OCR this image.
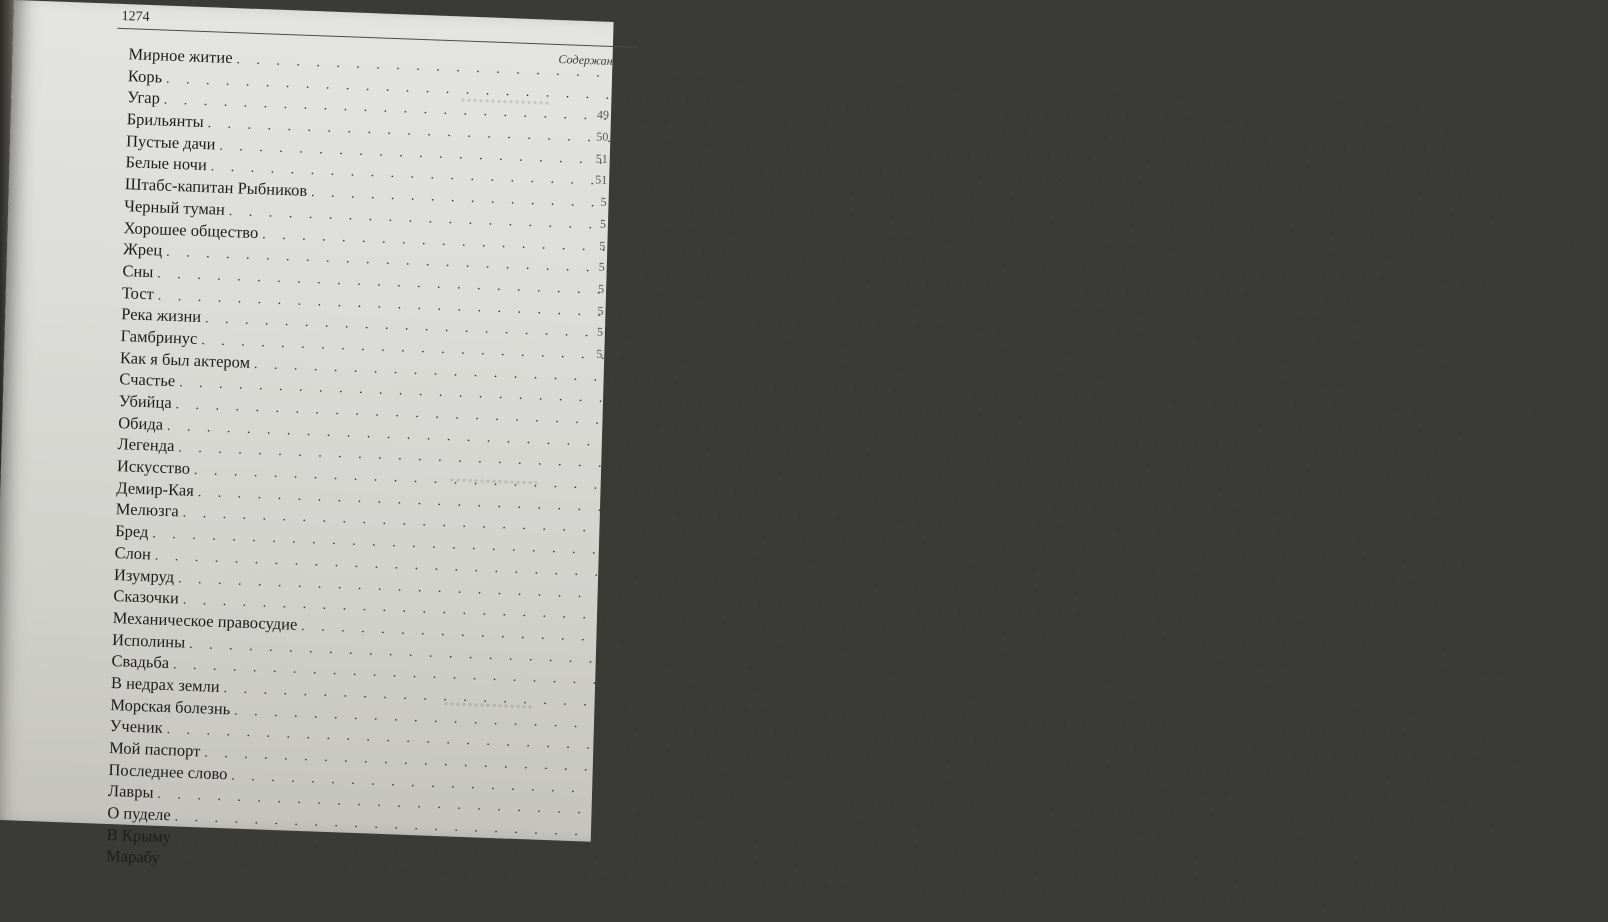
1274
Содержание
Мирное житие
. . .
Корь
. . .
Угар
. . .
49
Брильянты
. . .
50
Пустые дачи
. . .
51
Белые ночи
. . .
51
Штабс-капитан Рыбников
. . .
5
Черный туман
. . .
5
Хорошее общество
. . .
5
Жрец
. . .
5
Сны
. . .
5
Тост
. . .
5
Река жизни
. . .
5
Гамбринус
. . .
5
Как я был актером
. . .
Счастье
. . .
Убийца
. . .
Обида
. . .
Легенда
. . .
Искусство
. . .
Демир-Кая
. . .
Мелюзга
. . .
Бред
. . .
Слон
. . .
Изумруд
. . .
Сказочки
. . .
Механическое правосудие
. . .
Исполины
. . .
Свадьба
. . .
В недрах земли
. . .
Морская болезнь
. . .
Ученик
. . .
Мой паспорт
. . .
Последнее слово
. . .
Лавры
. . .
О пуделе
. . .
В Крыму
. . .
Марабу
. . .
